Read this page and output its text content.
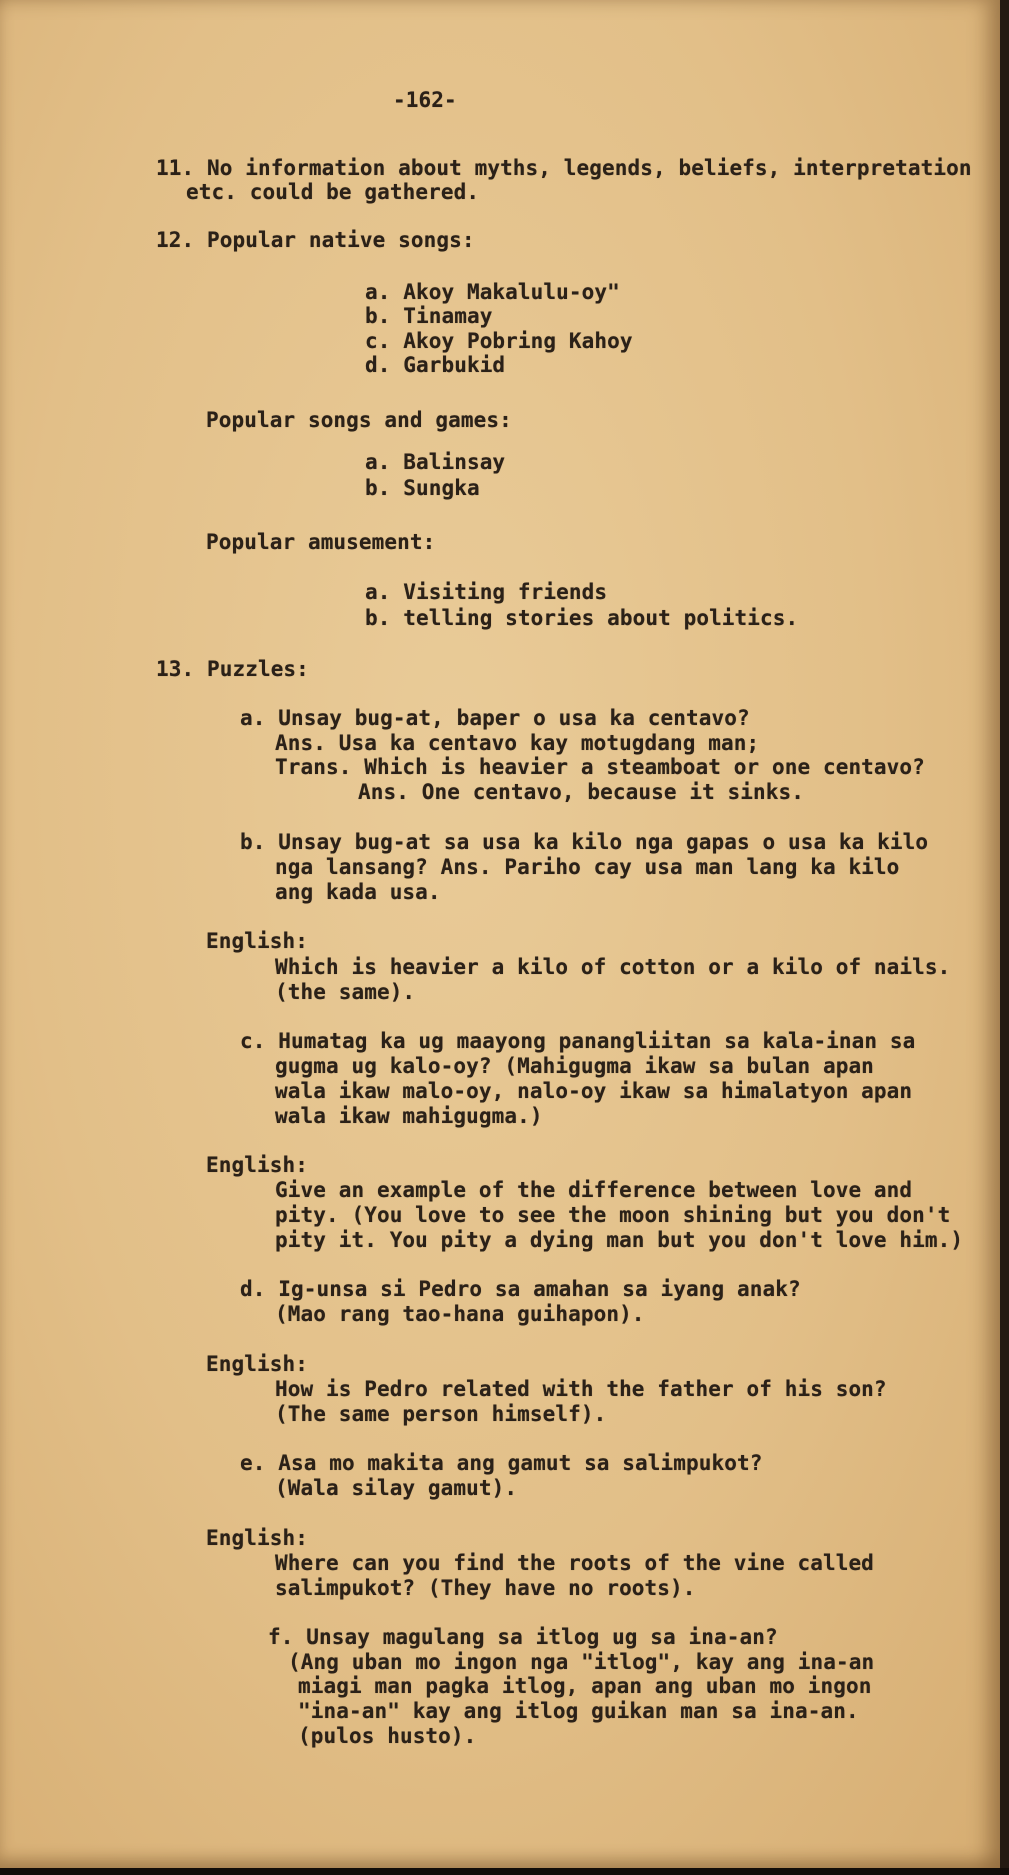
-162-
11. No information about myths, legends, beliefs, interpretation
etc. could be gathered.
12. Popular native songs:
a. Akoy Makalulu-oy"
b. Tinamay
c. Akoy Pobring Kahoy
d. Garbukid
Popular songs and games:
a. Balinsay
b. Sungka
Popular amusement:
a. Visiting friends
b. telling stories about politics.
13. Puzzles:
a. Unsay bug-at, baper o usa ka centavo?
Ans. Usa ka centavo kay motugdang man;
Trans. Which is heavier a steamboat or one centavo?
Ans. One centavo, because it sinks.
b. Unsay bug-at sa usa ka kilo nga gapas o usa ka kilo
nga lansang? Ans. Pariho cay usa man lang ka kilo
ang kada usa.
English:
Which is heavier a kilo of cotton or a kilo of nails.
(the same).
c. Humatag ka ug maayong panangliitan sa kala-inan sa
gugma ug kalo-oy? (Mahigugma ikaw sa bulan apan
wala ikaw malo-oy, nalo-oy ikaw sa himalatyon apan
wala ikaw mahigugma.)
English:
Give an example of the difference between love and
pity. (You love to see the moon shining but you don't
pity it. You pity a dying man but you don't love him.)
d. Ig-unsa si Pedro sa amahan sa iyang anak?
(Mao rang tao-hana guihapon).
English:
How is Pedro related with the father of his son?
(The same person himself).
e. Asa mo makita ang gamut sa salimpukot?
(Wala silay gamut).
English:
Where can you find the roots of the vine called
salimpukot? (They have no roots).
f. Unsay magulang sa itlog ug sa ina-an?
(Ang uban mo ingon nga "itlog", kay ang ina-an
miagi man pagka itlog, apan ang uban mo ingon
"ina-an" kay ang itlog guikan man sa ina-an.
(pulos husto).
